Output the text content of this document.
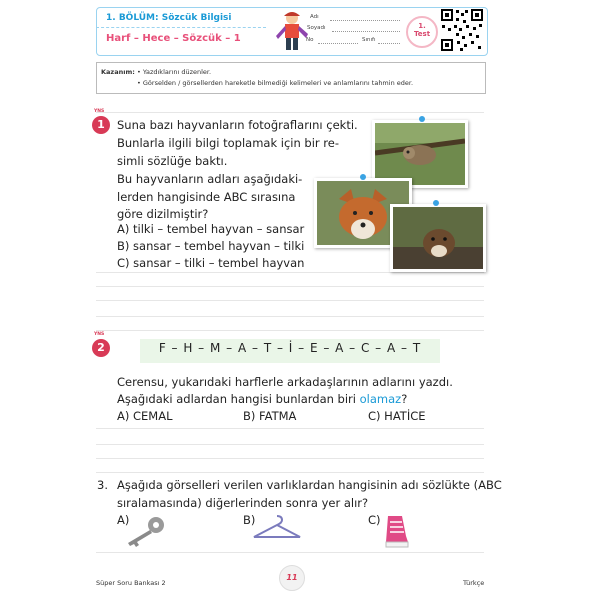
1. BÖLÜM: Sözcük Bilgisi
Harf – Hece – Sözcük – 1
Adı
Soyadı
No	Sınıfı
1.
Test
Kazanım: • Yazdıklarını düzenler.
• Görselden / görsellerden hareketle bilmediği kelimeleri ve anlamlarını tahmin eder.
YNS
1	Suna bazı hayvanların fotoğraflarını çekti.
Bunlarla ilgili bilgi toplamak için bir re-
simli sözlüğe baktı.
Bu hayvanların adları aşağıdaki-
lerden hangisinde ABC sırasına
göre dizilmiştir?
A) tilki – tembel hayvan – sansar
B) sansar – tembel hayvan – tilki
C) sansar – tilki – tembel hayvan
YNS
2	F – H – M – A – T – İ – E – A – C – A – T
Cerensu, yukarıdaki harflerle arkadaşlarının adlarını yazdı.
Aşağıdaki adlardan hangisi bunlardan biri olamaz?
A) CEMAL	B) FATMA	C) HATİCE
3. Aşağıda görselleri verilen varlıklardan hangisinin adı sözlükte (ABC
sıralamasında) diğerlerinden sonra yer alır?
A)	B)	C)
Süper Soru Bankası 2
11
Türkçe
